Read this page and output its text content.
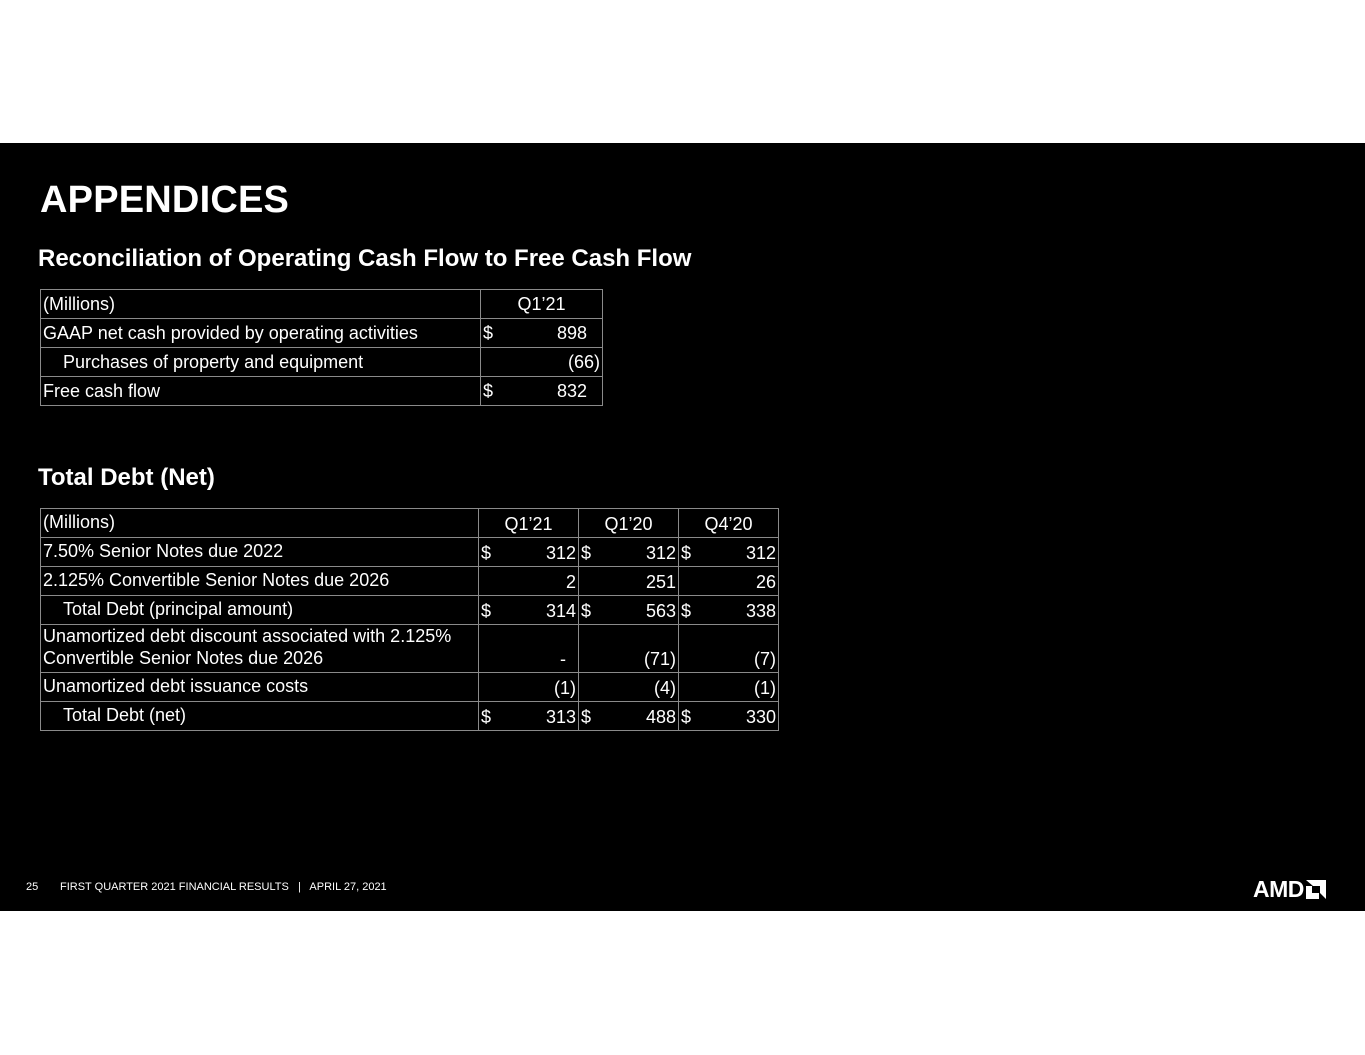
APPENDICES
Reconciliation of Operating Cash Flow to Free Cash Flow
(Millions)	Q1’21
GAAP net cash provided by operating activities	$ 898

Purchases of property and equipment	(66)

Free cash flow	$ 832
Total Debt (Net)
(Millions)	Q1’21	Q1’20	Q4’20
7.50% Senior Notes due 2022	$ 312	$ 312	$ 312

2.125% Convertible Senior Notes due 2026	2	251	26

Total Debt (principal amount)	$ 314	$ 563	$ 338

Unamortized debt discount associated with 2.125% Convertible Senior Notes due 2026	-	(71)	(7)

Unamortized debt issuance costs	(1)	(4)	(1)

Total Debt (net)	$ 313	$ 488	$ 330
25 FIRST QUARTER 2021 FINANCIAL RESULTS | APRIL 27, 2021	AMD
